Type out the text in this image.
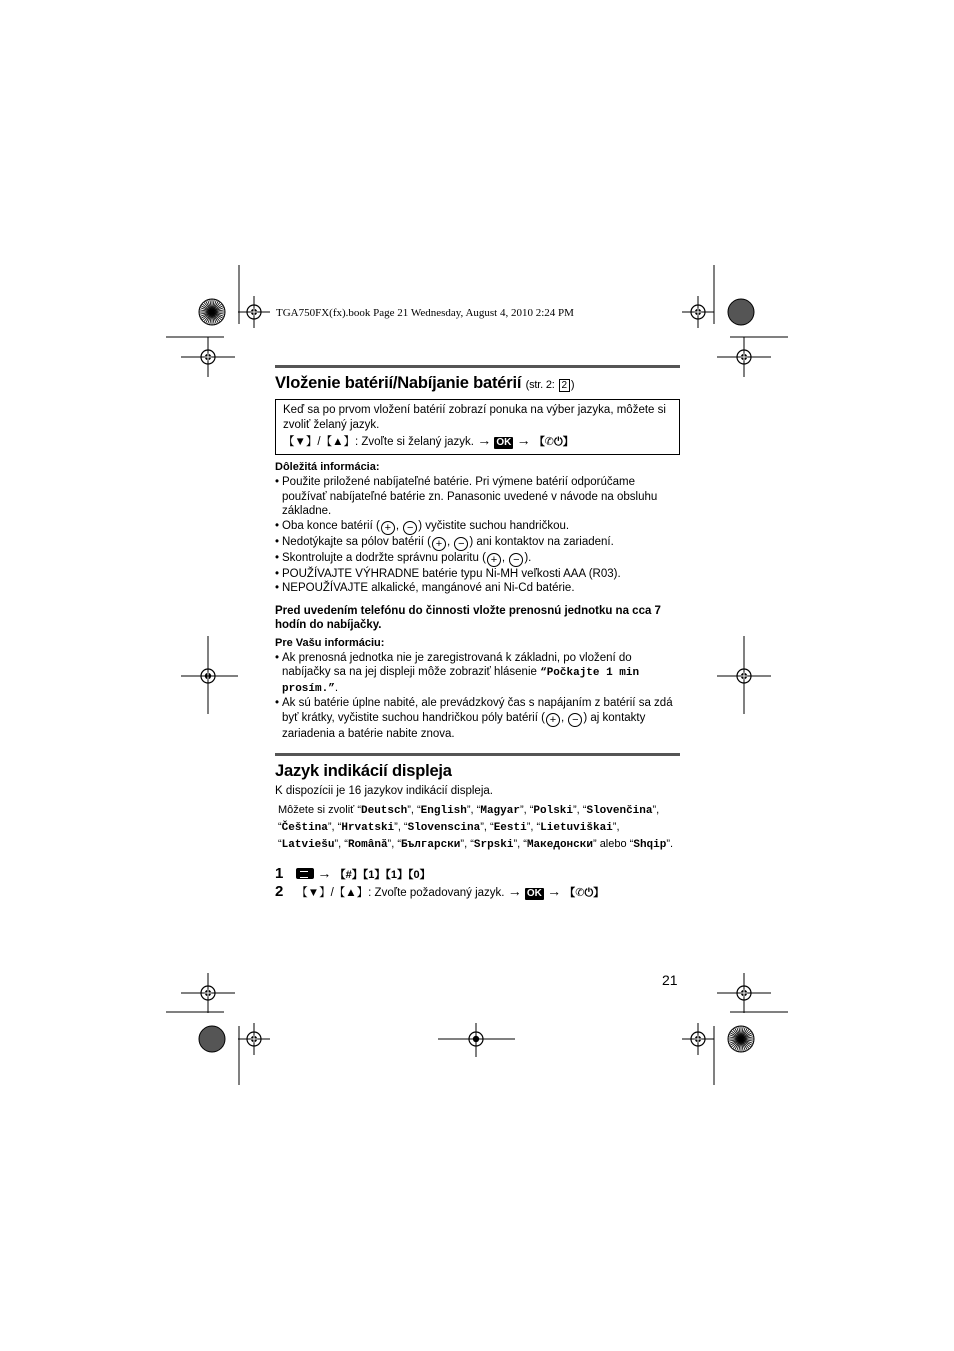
TGA750FX(fx).book Page 21 Wednesday, August 4, 2010 2:24 PM
Vloženie batérií/Nabíjanie batérií (str. 2: 2 )
Keď sa po prvom vložení batérií zobrazí ponuka na výber jazyka, môžete si zvoliť želaný jazyk.
【▼】/【▲】: Zvoľte si želaný jazyk. → OK → 【✆⏻】
Dôležitá informácia:
• Použite priložené nabíjateľné batérie. Pri výmene batérií odporúčame používať nabíjateľné batérie zn. Panasonic uvedené v návode na obsluhu základne.
• Oba konce batérií ( + , − ) vyčistite suchou handričkou.
• Nedotýkajte sa pólov batérií ( + , − ) ani kontaktov na zariadení.
• Skontrolujte a dodržte správnu polaritu ( + , − ).
• POUŽÍVAJTE VÝHRADNE batérie typu Ni-MH veľkosti AAA (R03).
• NEPOUŽÍVAJTE alkalické, mangánové ani Ni-Cd batérie.
Pred uvedením telefónu do činnosti vložte prenosnú jednotku na cca 7 hodín do nabíjačky.
Pre Vašu informáciu:
• Ak prenosná jednotka nie je zaregistrovaná k základni, po vložení do nabíjačky sa na jej displeji môže zobraziť hlásenie “Počkajte 1 min prosím.”.
• Ak sú batérie úplne nabité, ale prevádzkový čas s napájaním z batérií sa zdá byť krátky, vyčistite suchou handričkou póly batérií ( + , − ) aj kontakty zariadenia a batérie nabite znova.
Jazyk indikácií displeja
K dispozícii je 16 jazykov indikácií displeja.
Môžete si zvoliť “Deutsch”, “English”, “Magyar”, “Polski”, “Slovenčina”, “Čeština”, “Hrvatski”, “Slovenscina”, “Eesti”, “Lietuviškai”, “Latviešu”, “Română”, “Български”, “Srpski”, “Македонски” alebo “Shqip”.
1 → 【#】【1】【1】【0】
2 【▼】/【▲】: Zvoľte požadovaný jazyk. → OK → 【✆⏻】
21
